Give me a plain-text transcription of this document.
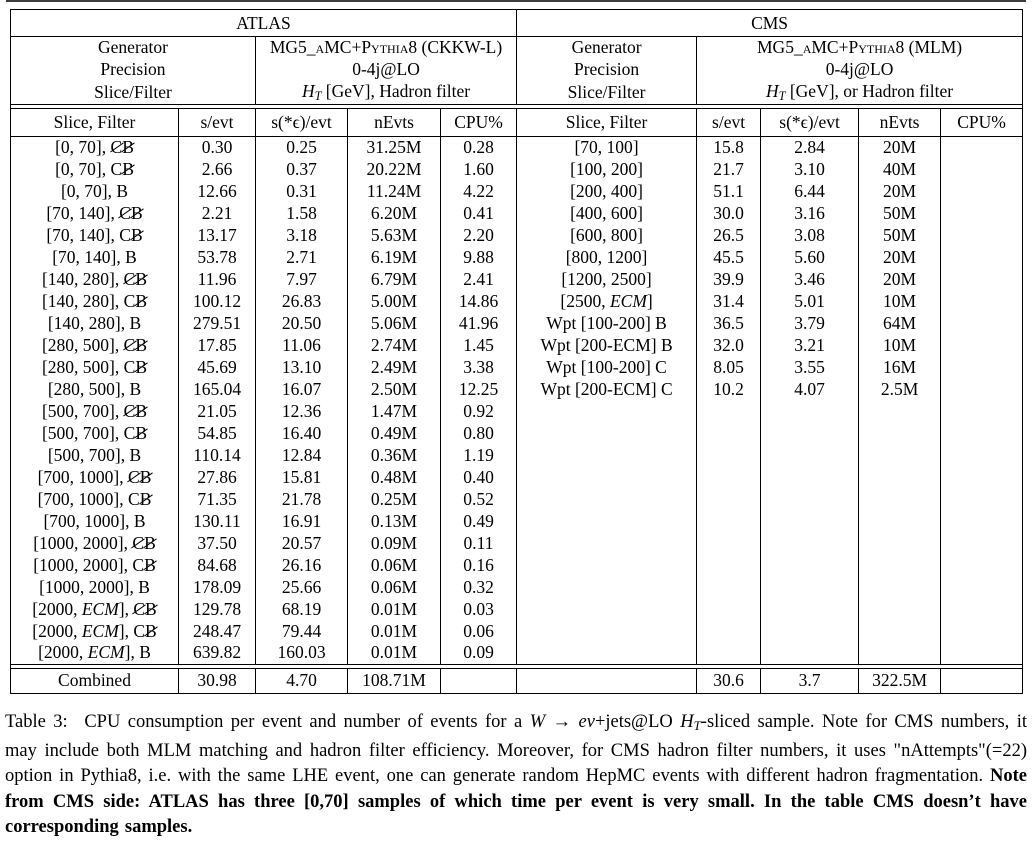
ATLAS					CMS				
Generator		MG5_aMC+Pythia8 (CKKW-L)			Generator	MG5_aMC+Pythia8 (MLM)			
Precision		0-4j@LO			Precision	0-4j@LO			
Slice/Filter		HT [GeV], Hadron filter			Slice/Filter	HT [GeV], or Hadron filter			

Slice, Filter	s/evt	s(*ϵ)/evt	nEvts	CPU%	Slice, Filter	s/evt	s(*ϵ)/evt	nEvts	CPU%
[0, 70], CB	0.30	0.25	31.25M	0.28	[70, 100]	15.8	2.84	20M	
[0, 70], CB	2.66	0.37	20.22M	1.60	[100, 200]	21.7	3.10	40M	
[0, 70], B	12.66	0.31	11.24M	4.22	[200, 400]	51.1	6.44	20M	
[70, 140], CB	2.21	1.58	6.20M	0.41	[400, 600]	30.0	3.16	50M	
[70, 140], CB	13.17	3.18	5.63M	2.20	[600, 800]	26.5	3.08	50M	
[70, 140], B	53.78	2.71	6.19M	9.88	[800, 1200]	45.5	5.60	20M	
[140, 280], CB	11.96	7.97	6.79M	2.41	[1200, 2500]	39.9	3.46	20M	
[140, 280], CB	100.12	26.83	5.00M	14.86	[2500, ECM]	31.4	5.01	10M	
[140, 280], B	279.51	20.50	5.06M	41.96	Wpt [100-200] B	36.5	3.79	64M	
[280, 500], CB	17.85	11.06	2.74M	1.45	Wpt [200-ECM] B	32.0	3.21	10M	
[280, 500], CB	45.69	13.10	2.49M	3.38	Wpt [100-200] C	8.05	3.55	16M	
[280, 500], B	165.04	16.07	2.50M	12.25	Wpt [200-ECM] C	10.2	4.07	2.5M	
[500, 700], CB	21.05	12.36	1.47M	0.92					
[500, 700], CB	54.85	16.40	0.49M	0.80					
[500, 700], B	110.14	12.84	0.36M	1.19					
[700, 1000], CB	27.86	15.81	0.48M	0.40					
[700, 1000], CB	71.35	21.78	0.25M	0.52					
[700, 1000], B	130.11	16.91	0.13M	0.49					
[1000, 2000], CB	37.50	20.57	0.09M	0.11					
[1000, 2000], CB	84.68	26.16	0.06M	0.16					
[1000, 2000], B	178.09	25.66	0.06M	0.32					
[2000, ECM], CB	129.78	68.19	0.01M	0.03					
[2000, ECM], CB	248.47	79.44	0.01M	0.06					
[2000, ECM], B	639.82	160.03	0.01M	0.09					

Combined	30.98	4.70	108.71M			30.6	3.7	322.5M	
Table 3:  CPU consumption per event and number of events for a W → eν+jets@LO HT-sliced sample. Note for CMS numbers, it may include both MLM matching and hadron filter efficiency. Moreover, for CMS hadron filter numbers, it uses "nAttempts"(=22) option in Pythia8, i.e. with the same LHE event, one can generate random HepMC events with different hadron fragmentation. Note from CMS side: ATLAS has three [0,70] samples of which time per event is very small. In the table CMS doesn’t have corresponding samples.
